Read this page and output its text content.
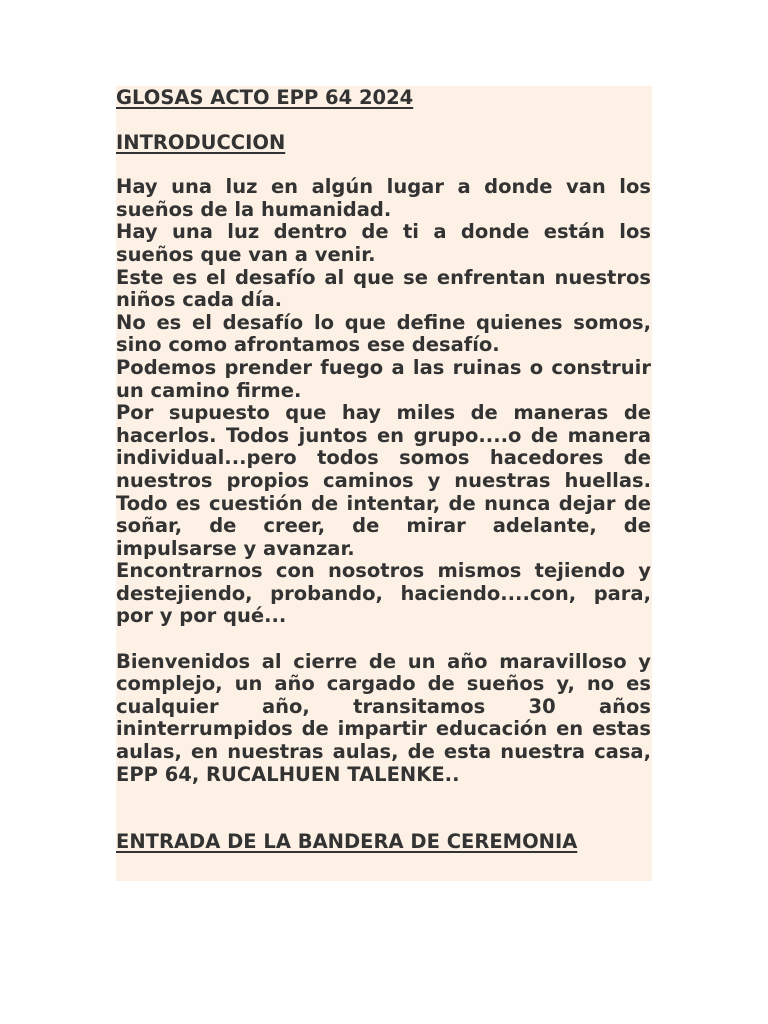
GLOSAS ACTO EPP 64 2024

INTRODUCCION

Hay una luz en algún lugar a donde van los sueños de la humanidad.

Hay una luz dentro de ti a donde están los sueños que van a venir.

Este es el desafío al que se enfrentan nuestros niños cada día.

No es el desafío lo que define quienes somos, sino como afrontamos ese desafío.

Podemos prender fuego a las ruinas o construir un camino firme.

Por supuesto que hay miles de maneras de hacerlos. Todos juntos en grupo....o de manera individual...pero todos somos hacedores de nuestros propios caminos y nuestras huellas. Todo es cuestión de intentar, de nunca dejar de soñar, de creer, de mirar adelante, de impulsarse y avanzar.

Encontrarnos con nosotros mismos tejiendo y destejiendo, probando, haciendo....con, para, por y por qué...

Bienvenidos al cierre de un año maravilloso y complejo, un año cargado de sueños y, no es cualquier año, transitamos 30 años ininterrumpidos de impartir educación en estas aulas, en nuestras aulas, de esta nuestra casa, EPP 64, RUCALHUEN TALENKE..

ENTRADA DE LA BANDERA DE CEREMONIA
